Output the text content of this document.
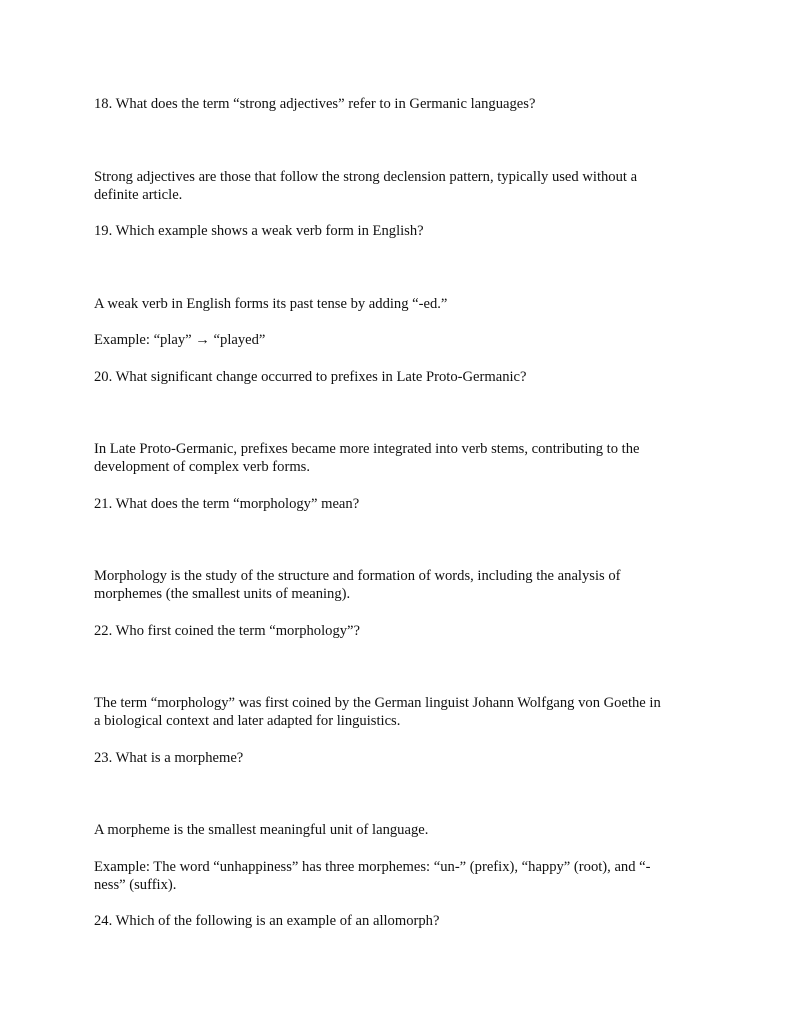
18. What does the term “strong adjectives” refer to in Germanic languages?

Strong adjectives are those that follow the strong declension pattern, typically used without a

definite article.

19. Which example shows a weak verb form in English?

A weak verb in English forms its past tense by adding “-ed.”

Example: “play” → “played”

20. What significant change occurred to prefixes in Late Proto-Germanic?

In Late Proto-Germanic, prefixes became more integrated into verb stems, contributing to the

development of complex verb forms.

21. What does the term “morphology” mean?

Morphology is the study of the structure and formation of words, including the analysis of

morphemes (the smallest units of meaning).

22. Who first coined the term “morphology”?

The term “morphology” was first coined by the German linguist Johann Wolfgang von Goethe in

a biological context and later adapted for linguistics.

23. What is a morpheme?

A morpheme is the smallest meaningful unit of language.

Example: The word “unhappiness” has three morphemes: “un-” (prefix), “happy” (root), and “-

ness” (suffix).

24. Which of the following is an example of an allomorph?
